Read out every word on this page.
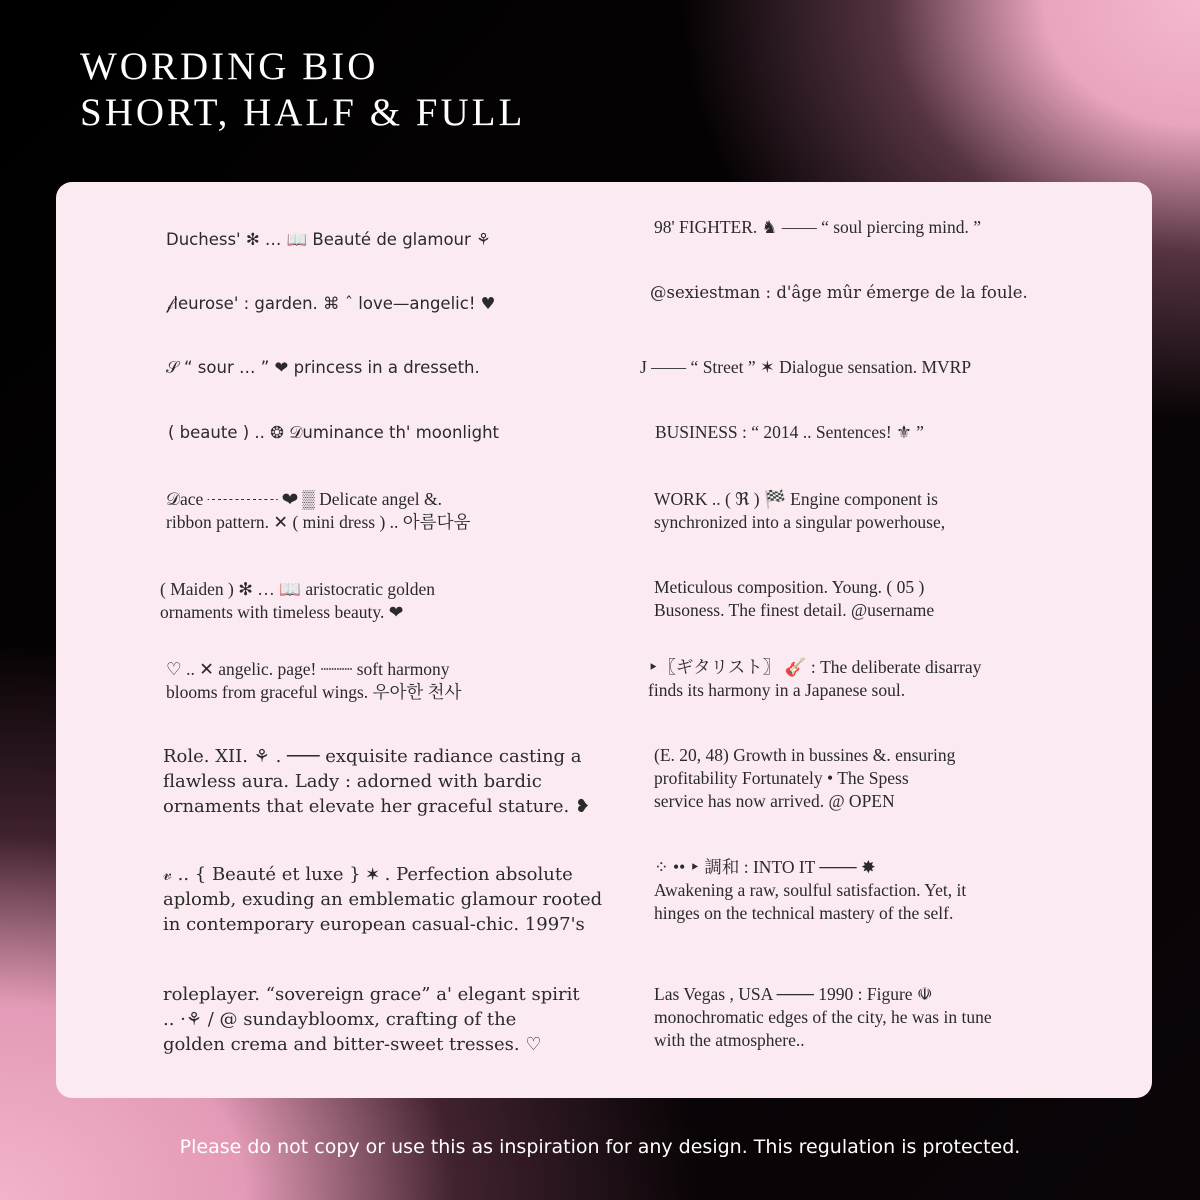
WORDING BIO
SHORT, HALF & FULL
Duchess' ✻ … 📖 Beauté de glamour ⚘
𝒻leurose' : garden. ⌘ ˆ love—angelic! ♥
𝒮 “ sour … ” ❤ princess in a dresseth.
( beaute ) .. ❂ 𝒟uminance th' moonlight
𝒟ace ┈┈┈┈ ❤ ▒ Delicate angel &.
ribbon pattern. ✕ ( mini dress ) .. 아름다움
( Maiden ) ✻ … 📖 aristocratic golden
ornaments with timeless beauty. ❤
♡ .. ✕ angelic. page! ┈┈┈ soft harmony
blooms from graceful wings. 우아한 천사
Role. XII. ⚘ . ─── exquisite radiance casting a
flawless aura. Lady : adorned with bardic
ornaments that elevate her graceful stature. ❥
𝓋 .. { Beauté et luxe } ✶ . Perfection absolute
aplomb, exuding an emblematic glamour rooted
in contemporary european casual-chic. 1997's
roleplayer. “sovereign grace” a' elegant spirit
.. ·⚘ / @ sundaybloomx, crafting of the
golden crema and bitter-sweet tresses. ♡
98' FIGHTER. ♞ —— “ soul piercing mind. ”
@sexiestman : d'âge mûr émerge de la foule.
J —— “ Street ” ✶ Dialogue sensation. MVRP
BUSINESS : “ 2014 .. Sentences! ⚜ ”
WORK .. ( ℜ ) 🏁 Engine component is
synchronized into a singular powerhouse,
Meticulous composition. Young. ( 05 )
Busoness. The finest detail. @username
‣〖ギタリスト〗 🎸 : The deliberate disarray
finds its harmony in a Japanese soul.
(E. 20, 48) Growth in bussines &. ensuring
profitability Fortunately • The Spess
service has now arrived. @ OPEN
⁘ •• ‣ 調和 : INTO IT ─── ✸
Awakening a raw, soulful satisfaction. Yet, it
hinges on the technical mastery of the self.
Las Vegas , USA ─── 1990 : Figure ☫
monochromatic edges of the city, he was in tune
with the atmosphere..
Please do not copy or use this as inspiration for any design. This regulation is protected.
